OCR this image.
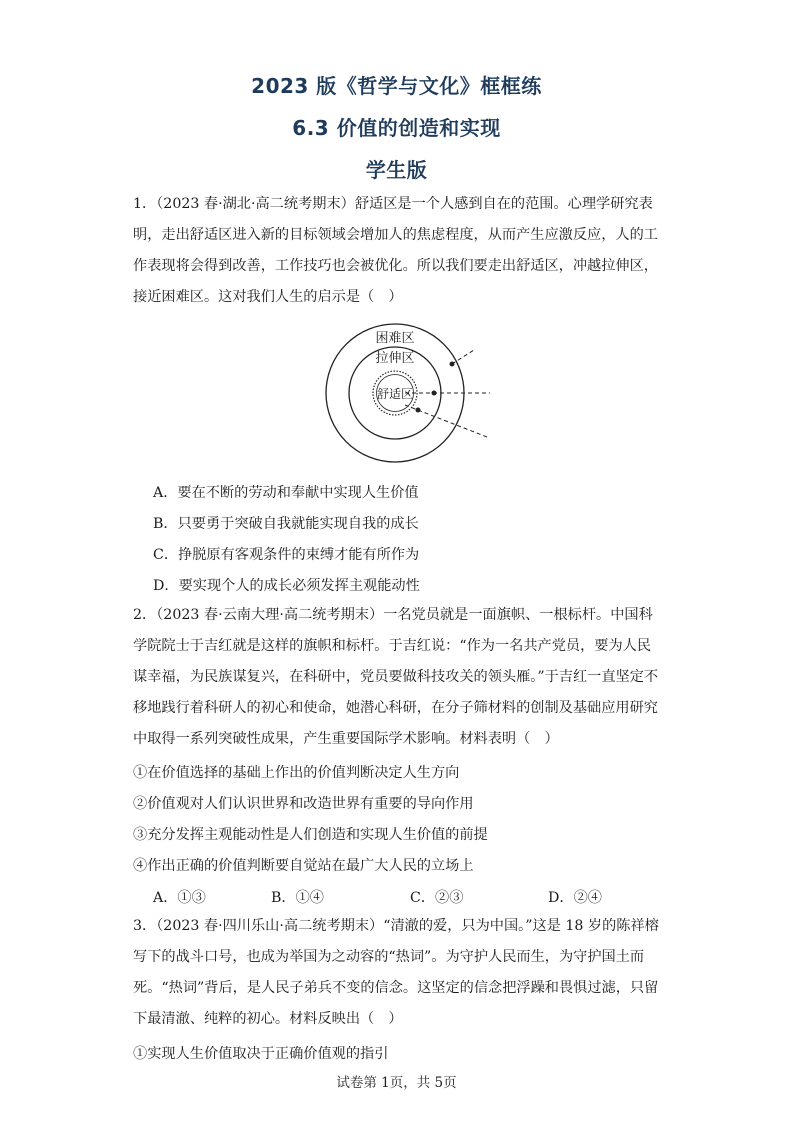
2023 版《哲学与文化》框框练
6.3 价值的创造和实现
学生版
1．（2023 春·湖北·高二统考期末）舒适区是一个人感到自在的范围。心理学研究表明，走出舒适区进入新的目标领域会增加人的焦虑程度，从而产生应激反应，人的工作表现将会得到改善，工作技巧也会被优化。所以我们要走出舒适区，冲越拉伸区，接近困难区。这对我们人生的启示是（　）
困难区
拉伸区
舒适区
A．要在不断的劳动和奉献中实现人生价值
B．只要勇于突破自我就能实现自我的成长
C．挣脱原有客观条件的束缚才能有所作为
D．要实现个人的成长必须发挥主观能动性
2．（2023 春·云南大理·高二统考期末）一名党员就是一面旗帜、一根标杆。中国科学院院士于吉红就是这样的旗帜和标杆。于吉红说：“作为一名共产党员，要为人民谋幸福，为民族谋复兴，在科研中，党员要做科技攻关的领头雁。”于吉红一直坚定不移地践行着科研人的初心和使命，她潜心科研，在分子筛材料的创制及基础应用研究中取得一系列突破性成果，产生重要国际学术影响。材料表明（　）
①在价值选择的基础上作出的价值判断决定人生方向
②价值观对人们认识世界和改造世界有重要的导向作用
③充分发挥主观能动性是人们创造和实现人生价值的前提
④作出正确的价值判断要自觉站在最广大人民的立场上
A．①③	B．①④	C．②③	D．②④
3．（2023 春·四川乐山·高二统考期末）“清澈的爱，只为中国。”这是 18 岁的陈祥榕写下的战斗口号，也成为举国为之动容的“热词”。为守护人民而生，为守护国土而死。“热词”背后，是人民子弟兵不变的信念。这坚定的信念把浮躁和畏惧过滤，只留下最清澈、纯粹的初心。材料反映出（　）
①实现人生价值取决于正确价值观的指引
试卷第 1页，共 5页
